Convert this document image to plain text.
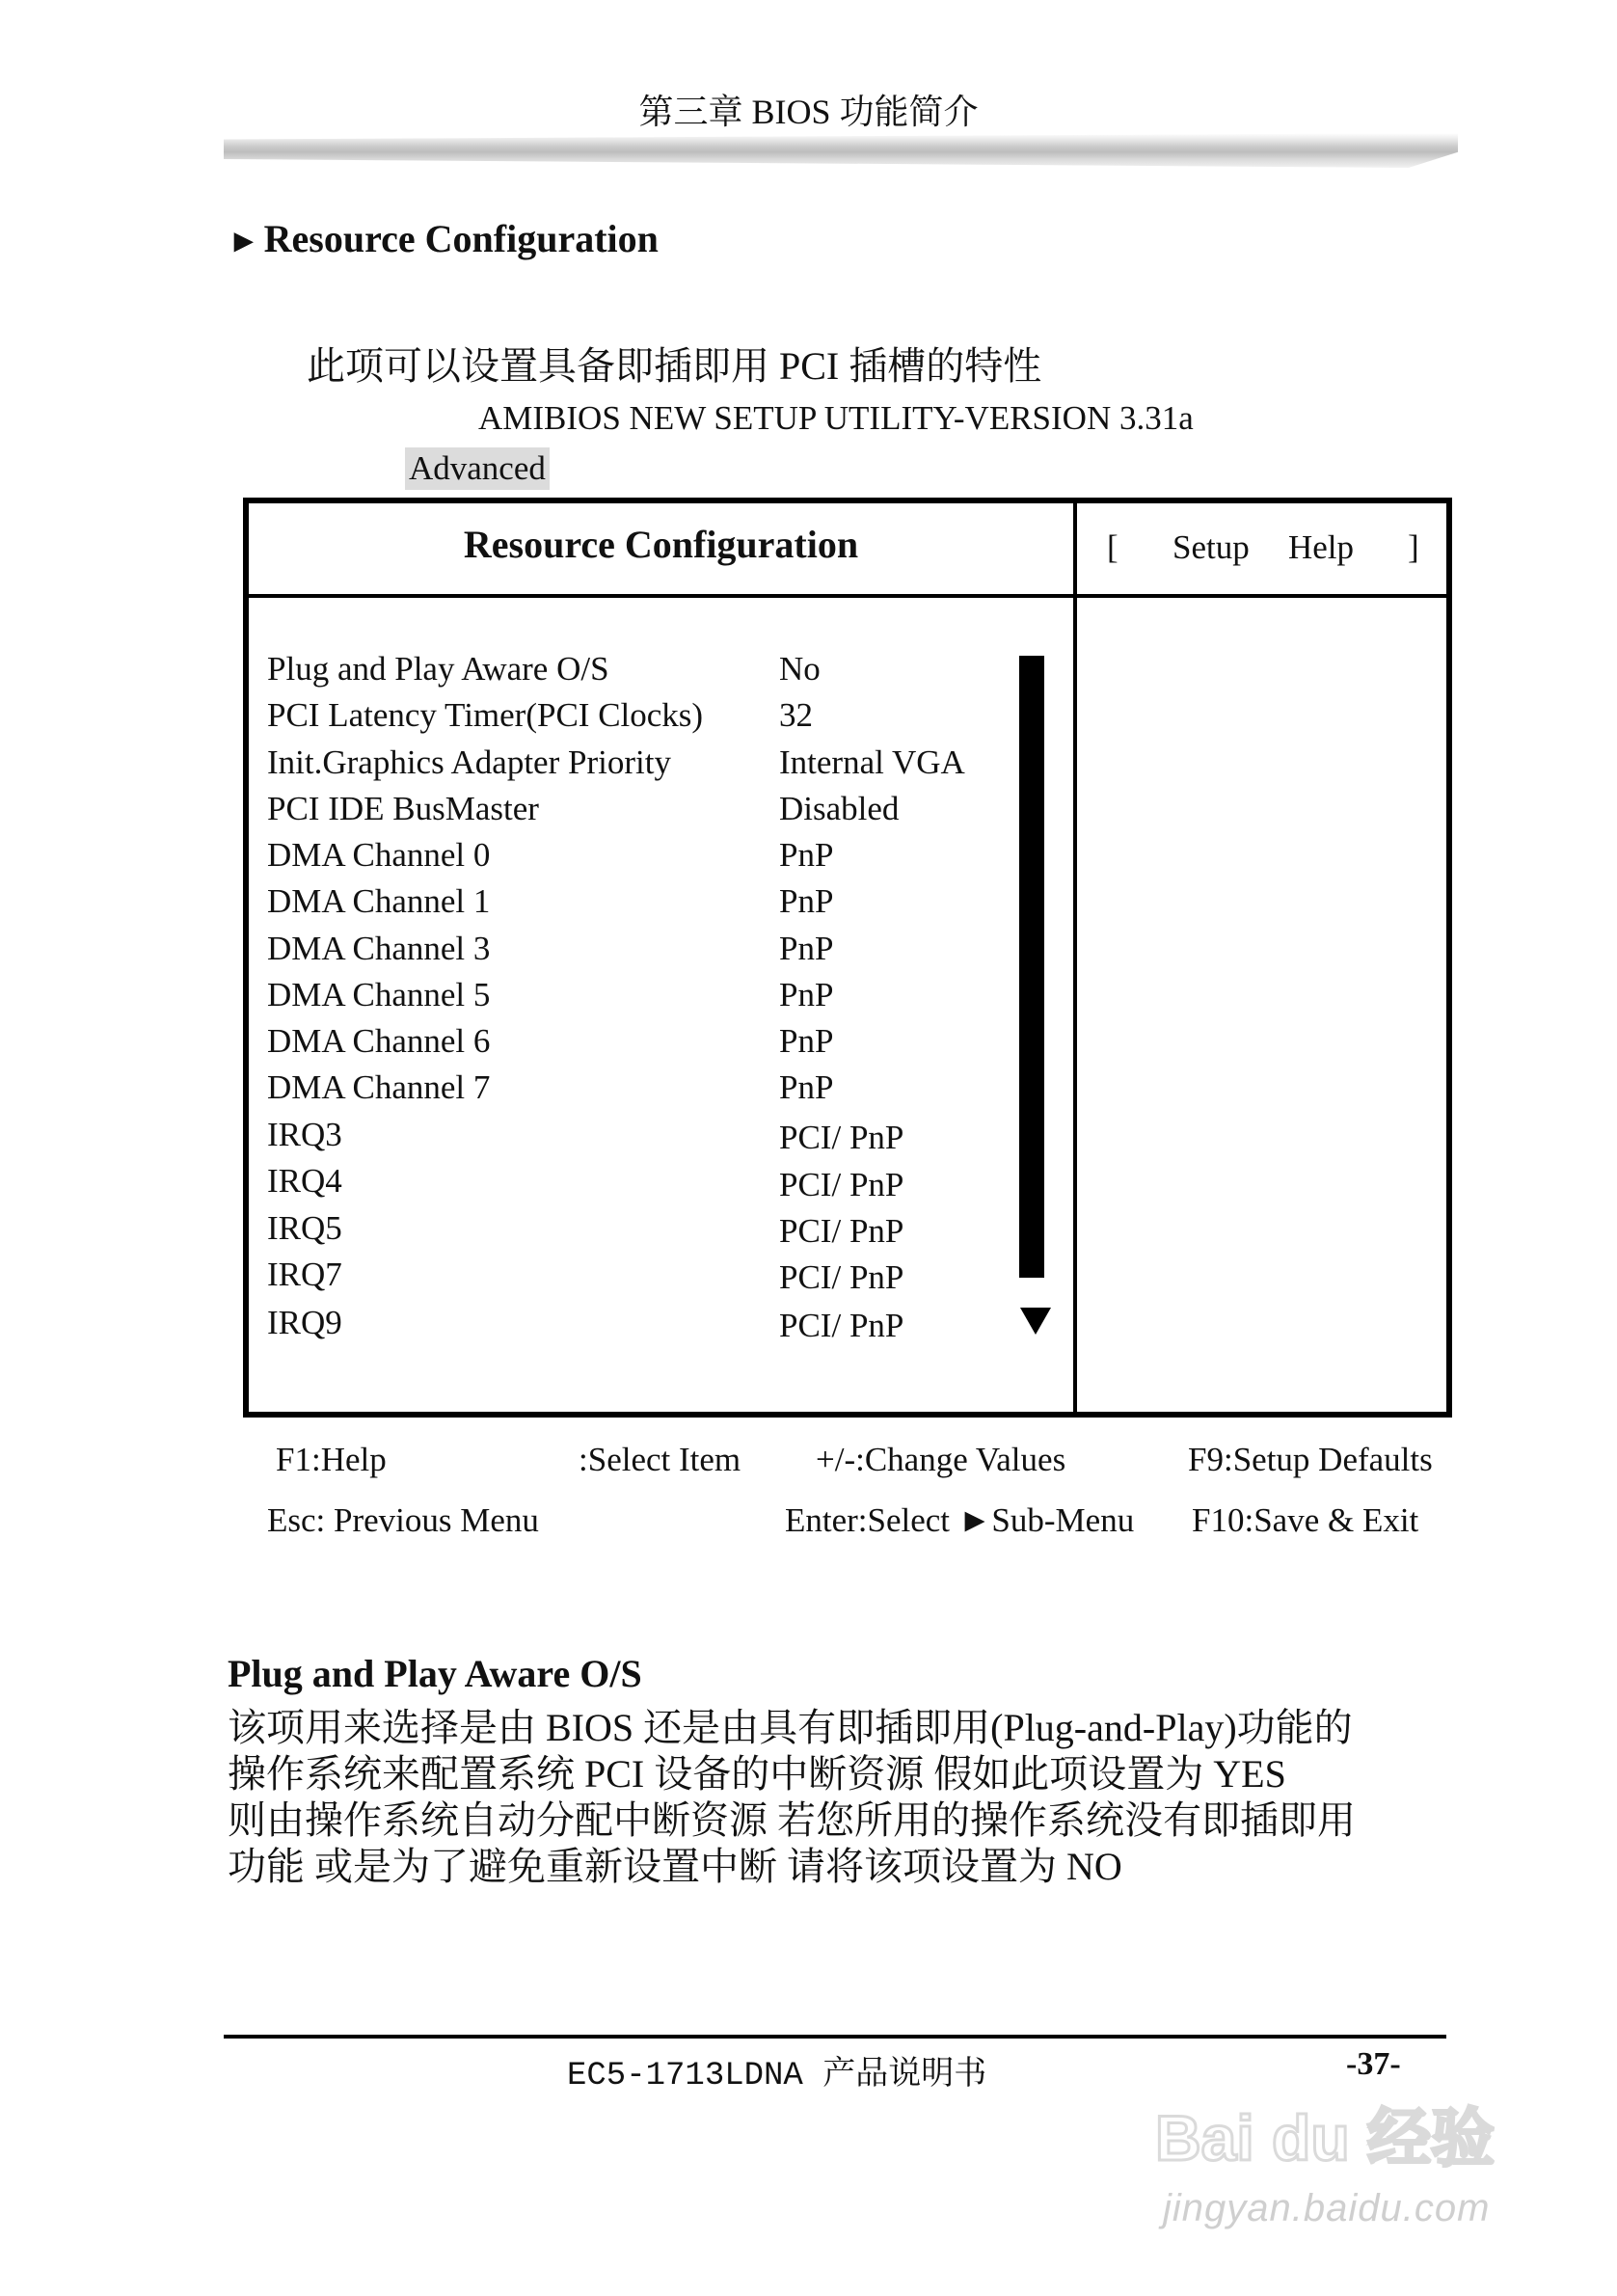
第三章 BIOS 功能简介
► Resource Configuration
此项可以设置具备即插即用 PCI 插槽的特性
AMIBIOS NEW SETUP UTILITY-VERSION 3.31a
Advanced
Resource Configuration	[ Setup Help ]
Plug and Play Aware O/S	No
PCI Latency Timer(PCI Clocks) 32
Init.Graphics Adapter Priority	Internal VGA
PCI IDE BusMaster	Disabled
DMA Channel 0	PnP
DMA Channel 1	PnP
DMA Channel 3	PnP
DMA Channel 5	PnP
DMA Channel 6	PnP
DMA Channel 7	PnP
IRQ3	PCI/ PnP
IRQ4	PCI/ PnP
IRQ5	PCI/ PnP
IRQ7	PCI/ PnP
IRQ9	PCI/ PnP
F1:Help	:Select Item +/-:Change Values	F9:Setup Defaults
Esc: Previous Menu	Enter:Select ►Sub-Menu F10:Save & Exit
Plug and Play Aware O/S
该项用来选择是由 BIOS 还是由具有即插即用(Plug-and-Play)功能的
操作系统来配置系统 PCI 设备的中断资源 假如此项设置为 YES
则由操作系统自动分配中断资源 若您所用的操作系统没有即插即用
功能 或是为了避免重新设置中断 请将该项设置为 NO
EC5-1713LDNA 产品说明书	-37-
Bai du 经验
jingyan.baidu.com
